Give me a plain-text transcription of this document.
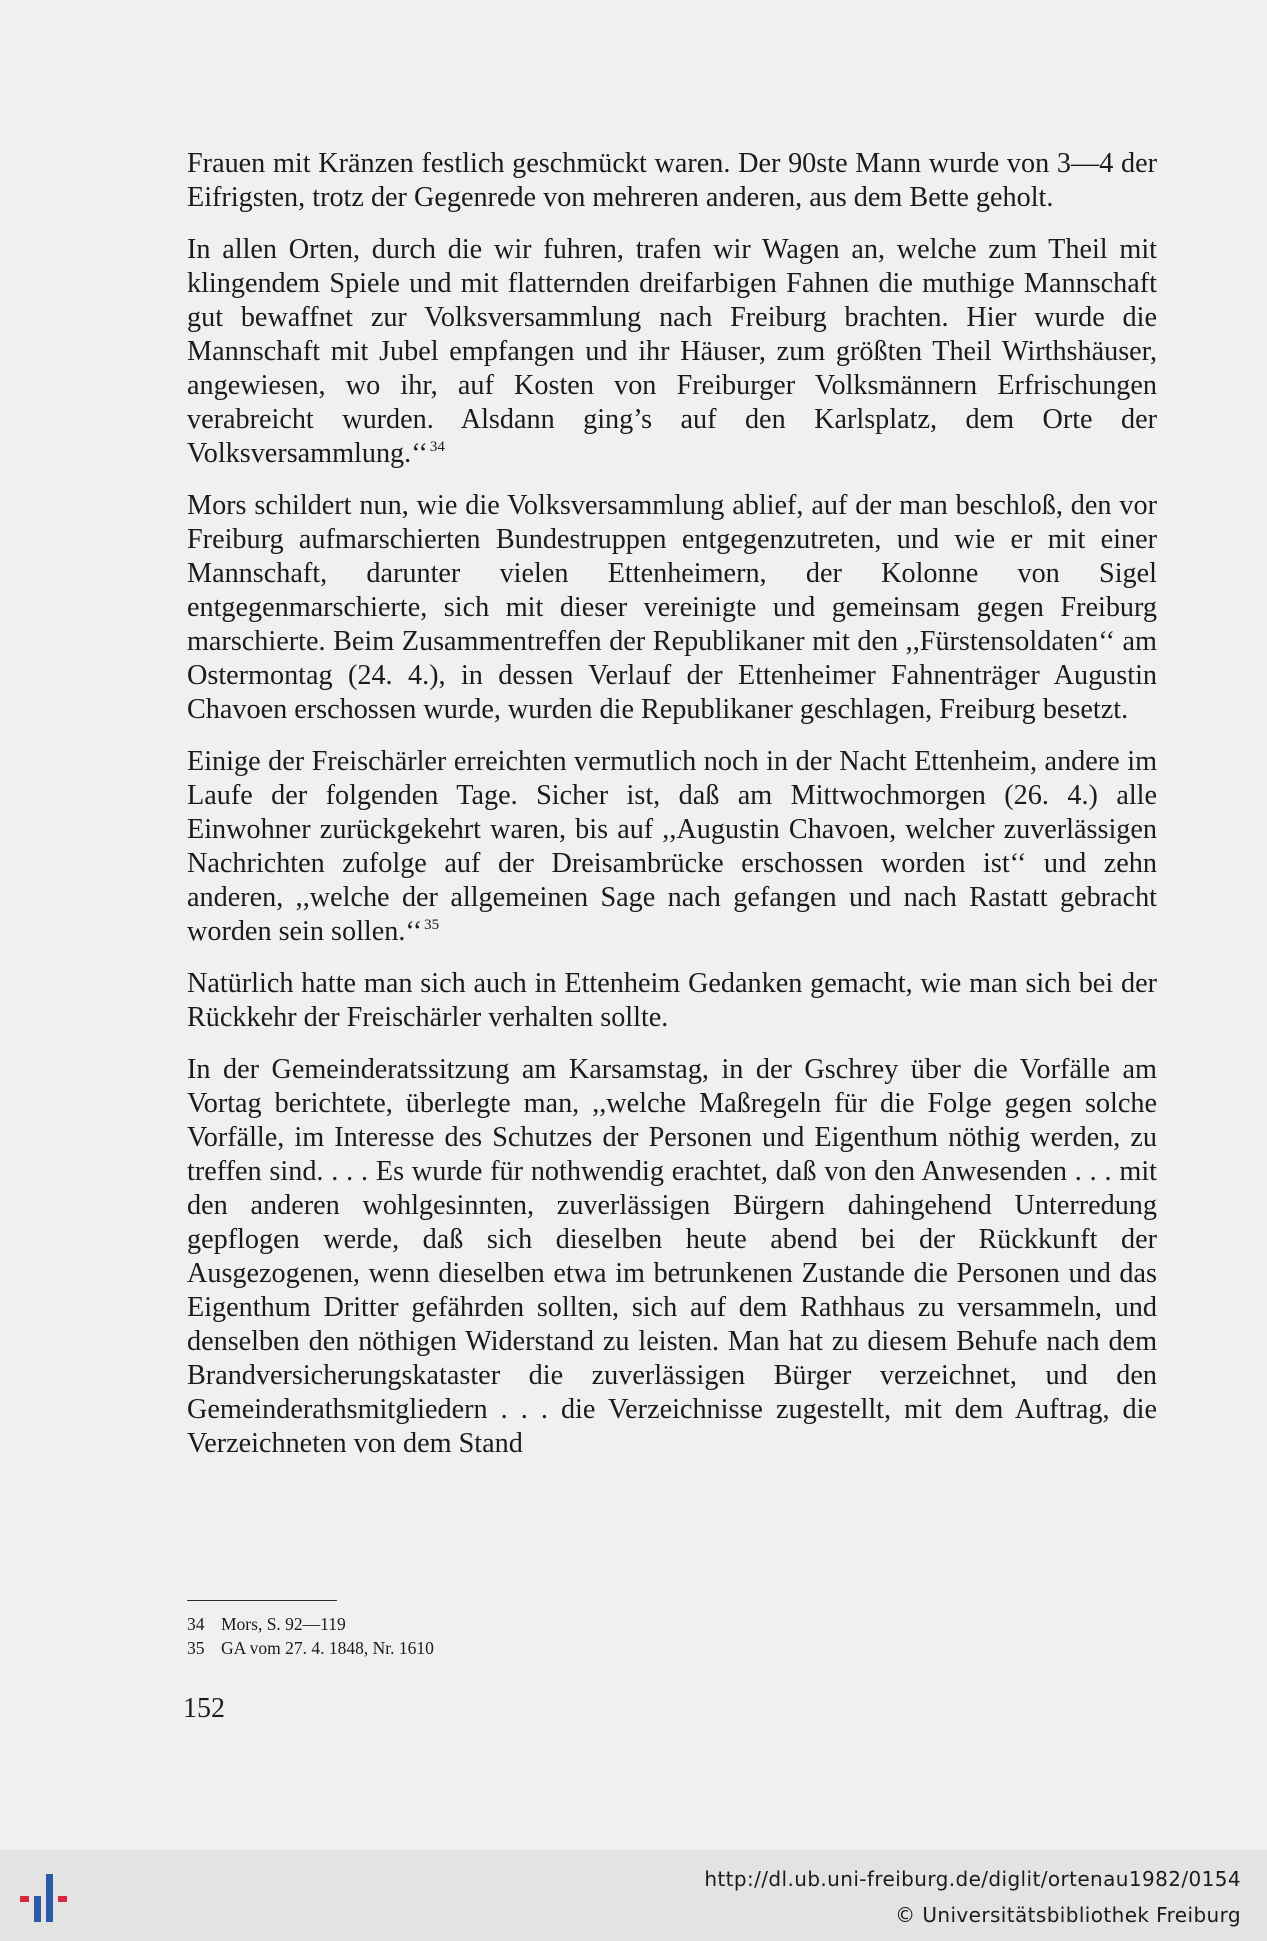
Frauen mit Kränzen festlich geschmückt waren. Der 90ste Mann wurde von 3—4 der Eifrigsten, trotz der Gegenrede von mehreren anderen, aus dem Bette geholt.

In allen Orten, durch die wir fuhren, trafen wir Wagen an, welche zum Theil mit klingendem Spiele und mit flatternden dreifarbigen Fahnen die muthige Mannschaft gut bewaffnet zur Volksversammlung nach Freiburg brachten. Hier wurde die Mannschaft mit Jubel empfangen und ihr Häuser, zum größten Theil Wirthshäuser, angewiesen, wo ihr, auf Kosten von Freiburger Volksmännern Erfrischungen verabreicht wurden. Alsdann ging’s auf den Karlsplatz, dem Orte der Volksversammlung.‘‘ $^{34}$

Mors schildert nun, wie die Volksversammlung ablief, auf der man beschloß, den vor Freiburg aufmarschierten Bundestruppen entgegenzutreten, und wie er mit einer Mannschaft, darunter vielen Ettenheimern, der Kolonne von Sigel entgegenmarschierte, sich mit dieser vereinigte und gemeinsam gegen Freiburg marschierte. Beim Zusammentreffen der Republikaner mit den ,,Fürstensoldaten‘‘ am Ostermontag (24. 4.), in dessen Verlauf der Ettenheimer Fahnenträger Augustin Chavoen erschossen wurde, wurden die Republikaner geschlagen, Freiburg besetzt.

Einige der Freischärler erreichten vermutlich noch in der Nacht Ettenheim, andere im Laufe der folgenden Tage. Sicher ist, daß am Mittwochmorgen (26. 4.) alle Einwohner zurückgekehrt waren, bis auf ,,Augustin Chavoen, welcher zuverlässigen Nachrichten zufolge auf der Dreisambrücke erschossen worden ist‘‘ und zehn anderen, ,,welche der allgemeinen Sage nach gefangen und nach Rastatt gebracht worden sein sollen.‘‘ $^{35}$

Natürlich hatte man sich auch in Ettenheim Gedanken gemacht, wie man sich bei der Rückkehr der Freischärler verhalten sollte.

In der Gemeinderatssitzung am Karsamstag, in der Gschrey über die Vorfälle am Vortag berichtete, überlegte man, ,,welche Maßregeln für die Folge gegen solche Vorfälle, im Interesse des Schutzes der Personen und Eigenthum nöthig werden, zu treffen sind. . . . Es wurde für nothwendig erachtet, daß von den Anwesenden . . . mit den anderen wohlgesinnten, zuverlässigen Bürgern dahingehend Unterredung gepflogen werde, daß sich dieselben heute abend bei der Rückkunft der Ausgezogenen, wenn dieselben etwa im betrunkenen Zustande die Personen und das Eigenthum Dritter gefährden sollten, sich auf dem Rathhaus zu versammeln, und denselben den nöthigen Widerstand zu leisten. Man hat zu diesem Behufe nach dem Brandversicherungskataster die zuverlässigen Bürger verzeichnet, und den Gemeinderathsmitgliedern . . . die Verzeichnisse zugestellt, mit dem Auftrag, die Verzeichneten von dem Stand

34 Mors, S. 92—119

35 GA vom 27. 4. 1848, Nr. 1610

152

http://dl.ub.uni-freiburg.de/diglit/ortenau1982/0154

© Universitätsbibliothek Freiburg
